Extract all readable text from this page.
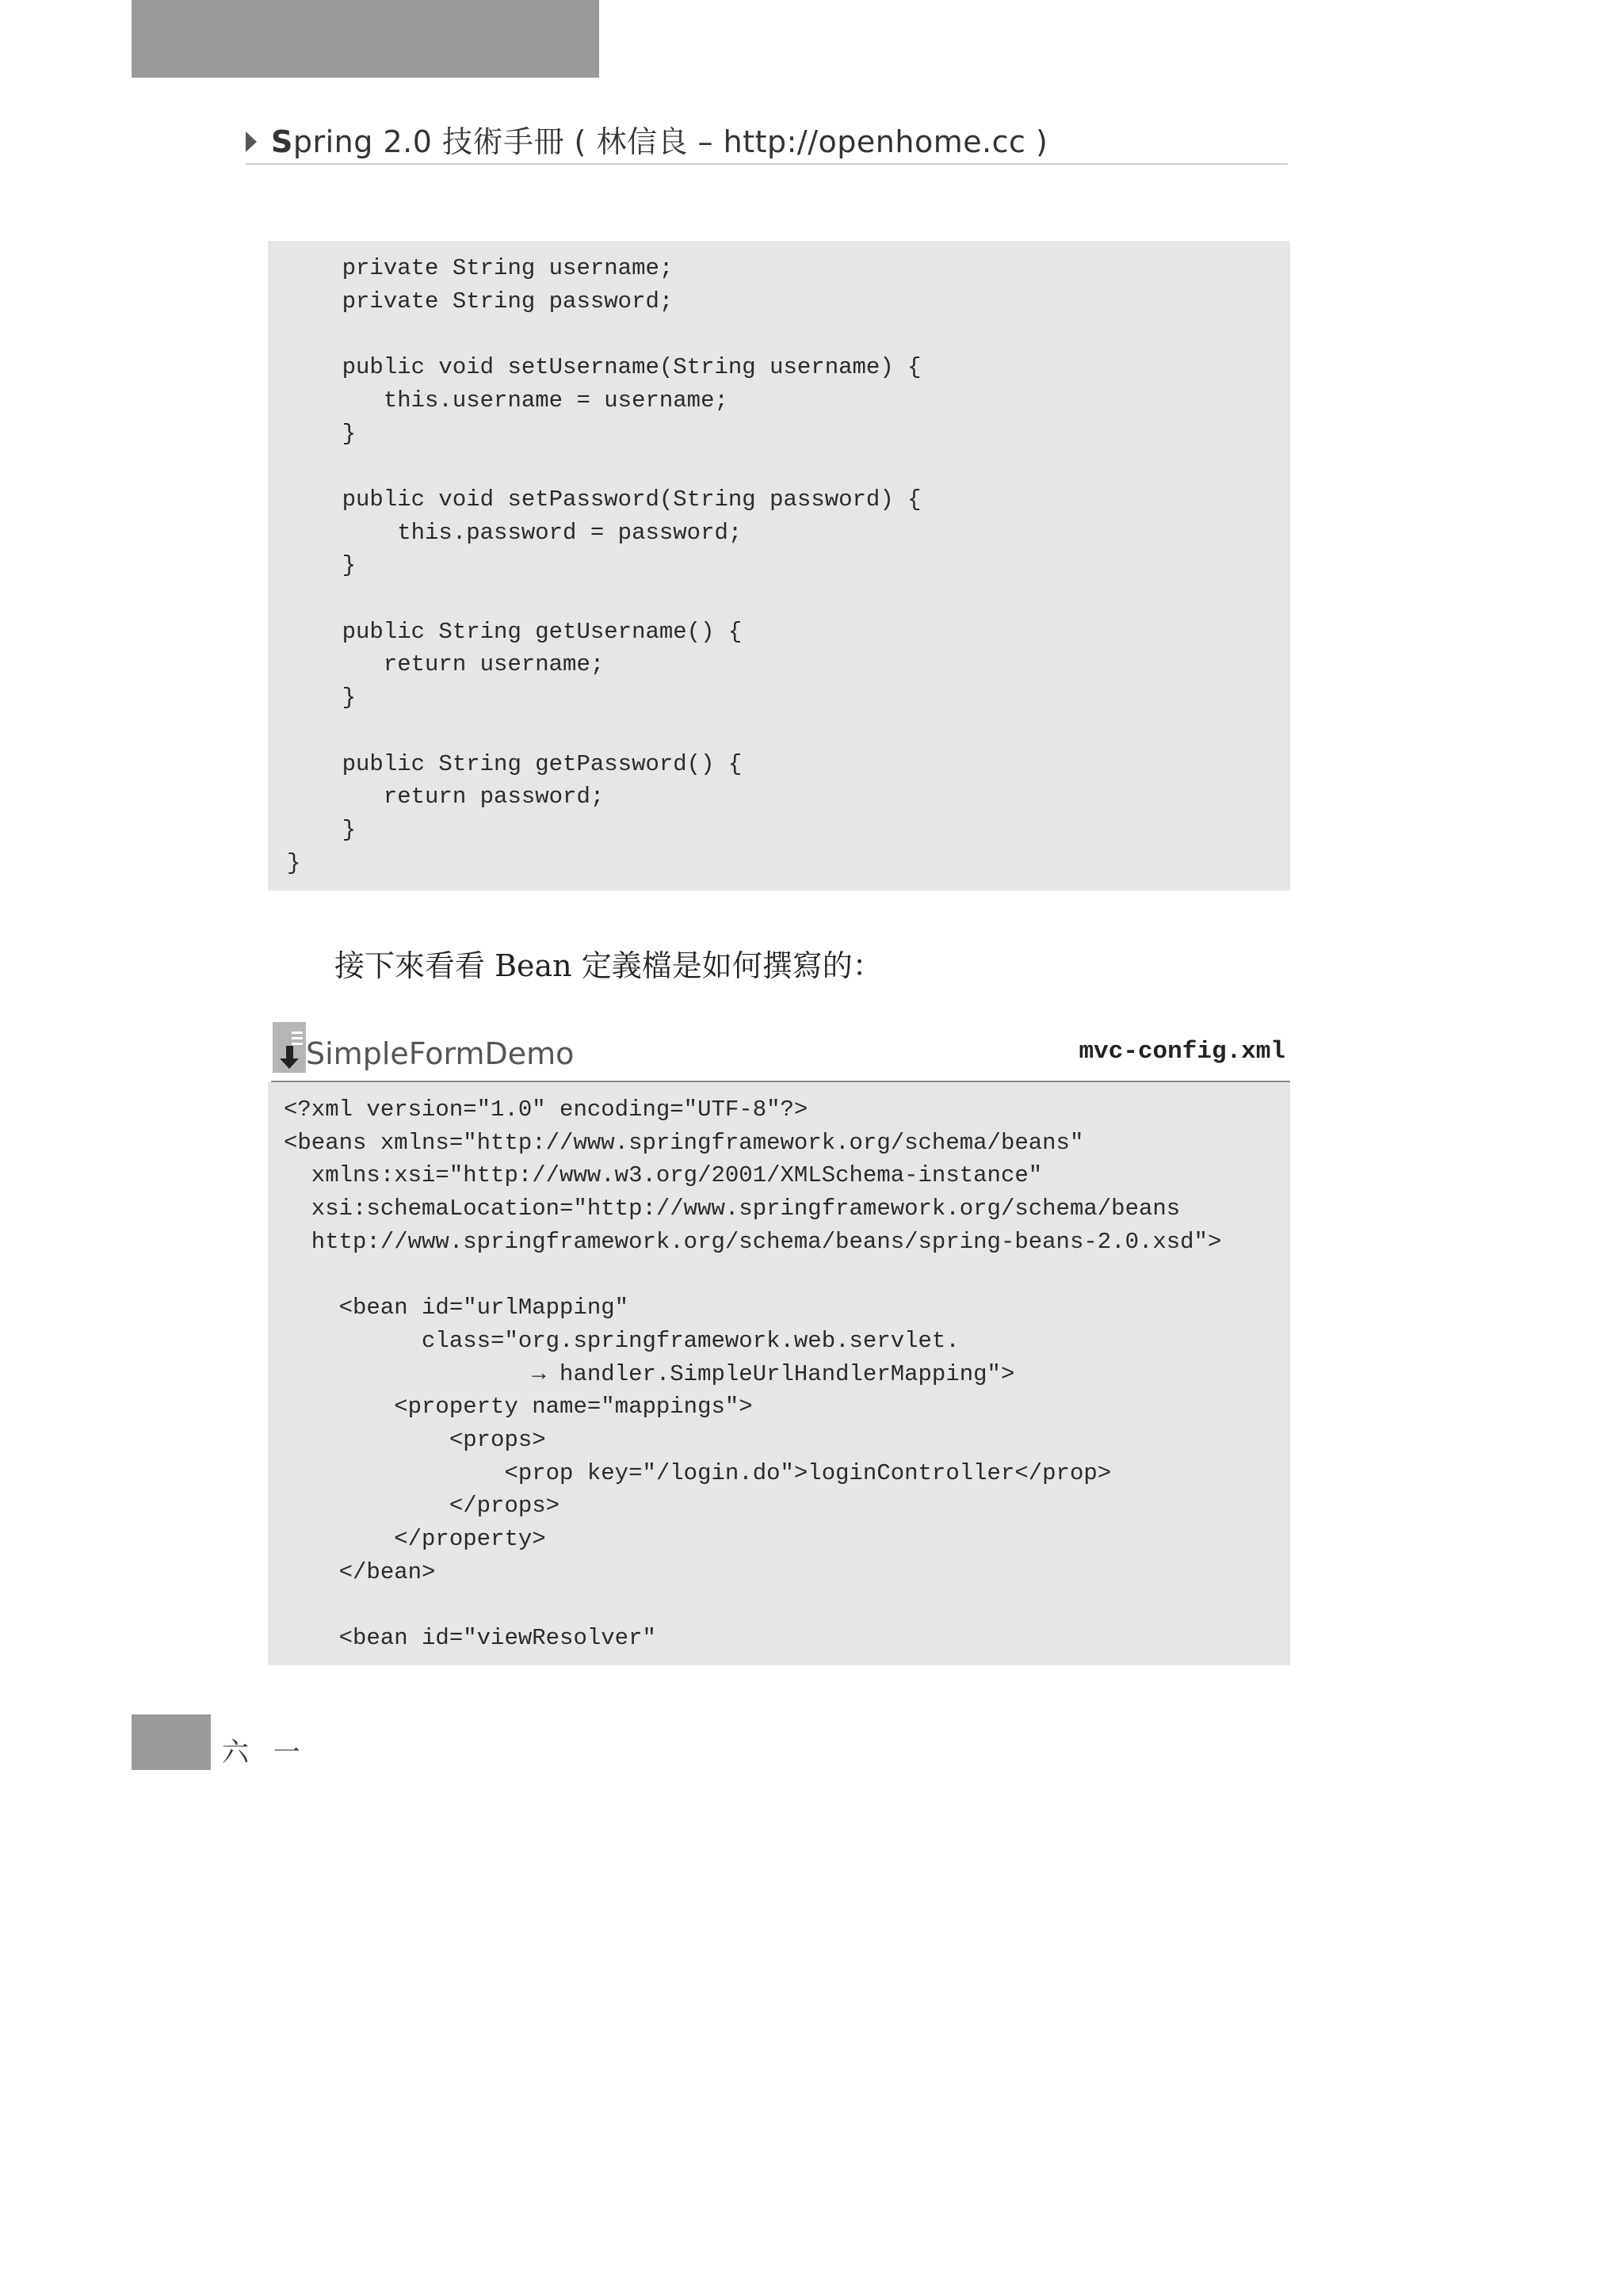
Spring 2.0 技術手冊 ( 林信良 – http://openhome.cc )
private String username;
private String password;

public void setUsername(String username) {
this.username = username;
}

public void setPassword(String password) {
this.password = password;
}

public String getUsername() {
return username;
}

public String getPassword() {
return password;
}
}
接下來看看 Bean 定義檔是如何撰寫的：
SimpleFormDemo	mvc-config.xml
<?xml version="1.0" encoding="UTF-8"?>
<beans xmlns="http://www.springframework.org/schema/beans"
xmlns:xsi="http://www.w3.org/2001/XMLSchema-instance"
xsi:schemaLocation="http://www.springframework.org/schema/beans
http://www.springframework.org/schema/beans/spring-beans-2.0.xsd">

<bean id="urlMapping"
class="org.springframework.web.servlet.
→ handler.SimpleUrlHandlerMapping">
<property name="mappings">
<props>
<prop key="/login.do">loginController</prop>
</props>
</property>
</bean>

<bean id="viewResolver"
六 一
